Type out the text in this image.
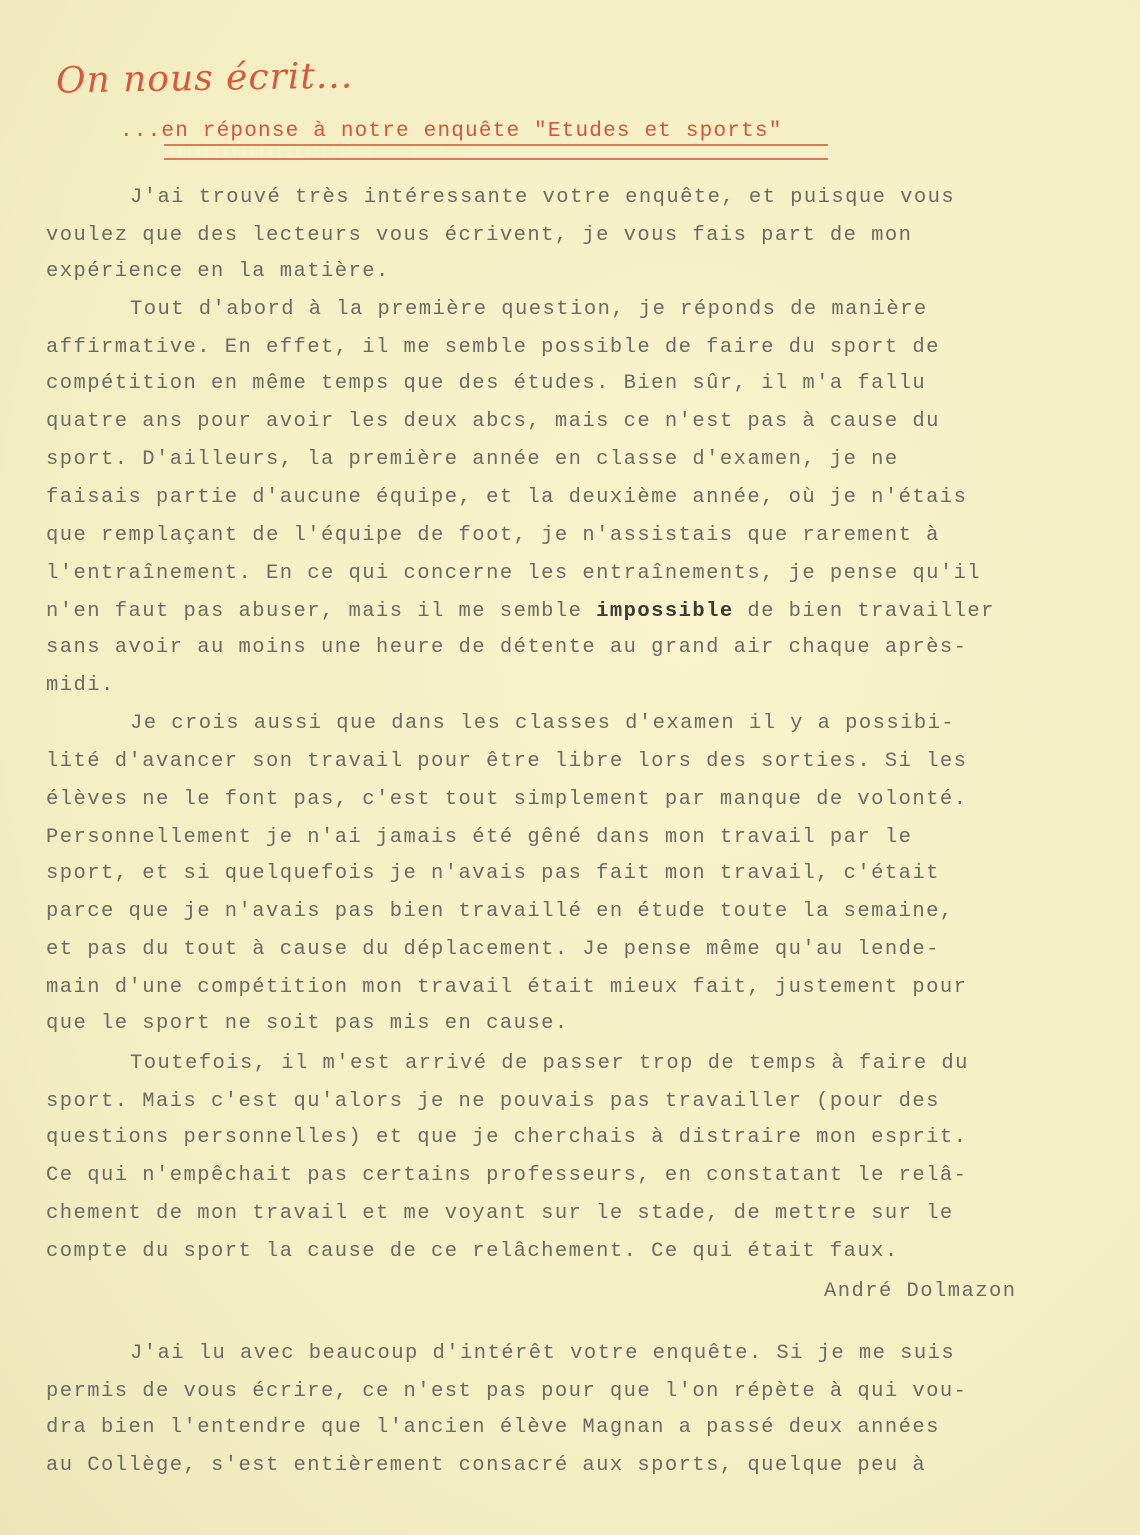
On nous écrit...
...en réponse à notre enquête "Etudes et sports"
J'ai trouvé très intéressante votre enquête, et puisque vous
voulez que des lecteurs vous écrivent, je vous fais part de mon
expérience en la matière.
Tout d'abord à la première question, je réponds de manière
affirmative. En effet, il me semble possible de faire du sport de
compétition en même temps que des études. Bien sûr, il m'a fallu
quatre ans pour avoir les deux abcs, mais ce n'est pas à cause du
sport. D'ailleurs, la première année en classe d'examen, je ne
faisais partie d'aucune équipe, et la deuxième année, où je n'étais
que remplaçant de l'équipe de foot, je n'assistais que rarement à
l'entraînement. En ce qui concerne les entraînements, je pense qu'il
n'en faut pas abuser, mais il me semble impossible de bien travailler
sans avoir au moins une heure de détente au grand air chaque après-
midi.
Je crois aussi que dans les classes d'examen il y a possibi-
lité d'avancer son travail pour être libre lors des sorties. Si les
élèves ne le font pas, c'est tout simplement par manque de volonté.
Personnellement je n'ai jamais été gêné dans mon travail par le
sport, et si quelquefois je n'avais pas fait mon travail, c'était
parce que je n'avais pas bien travaillé en étude toute la semaine,
et pas du tout à cause du déplacement. Je pense même qu'au lende-
main d'une compétition mon travail était mieux fait, justement pour
que le sport ne soit pas mis en cause.
Toutefois, il m'est arrivé de passer trop de temps à faire du
sport. Mais c'est qu'alors je ne pouvais pas travailler (pour des
questions personnelles) et que je cherchais à distraire mon esprit.
Ce qui n'empêchait pas certains professeurs, en constatant le relâ-
chement de mon travail et me voyant sur le stade, de mettre sur le
compte du sport la cause de ce relâchement. Ce qui était faux.
J'ai lu avec beaucoup d'intérêt votre enquête. Si je me suis
permis de vous écrire, ce n'est pas pour que l'on répète à qui vou-
dra bien l'entendre que l'ancien élève Magnan a passé deux années
au Collège, s'est entièrement consacré aux sports, quelque peu à
André Dolmazon
